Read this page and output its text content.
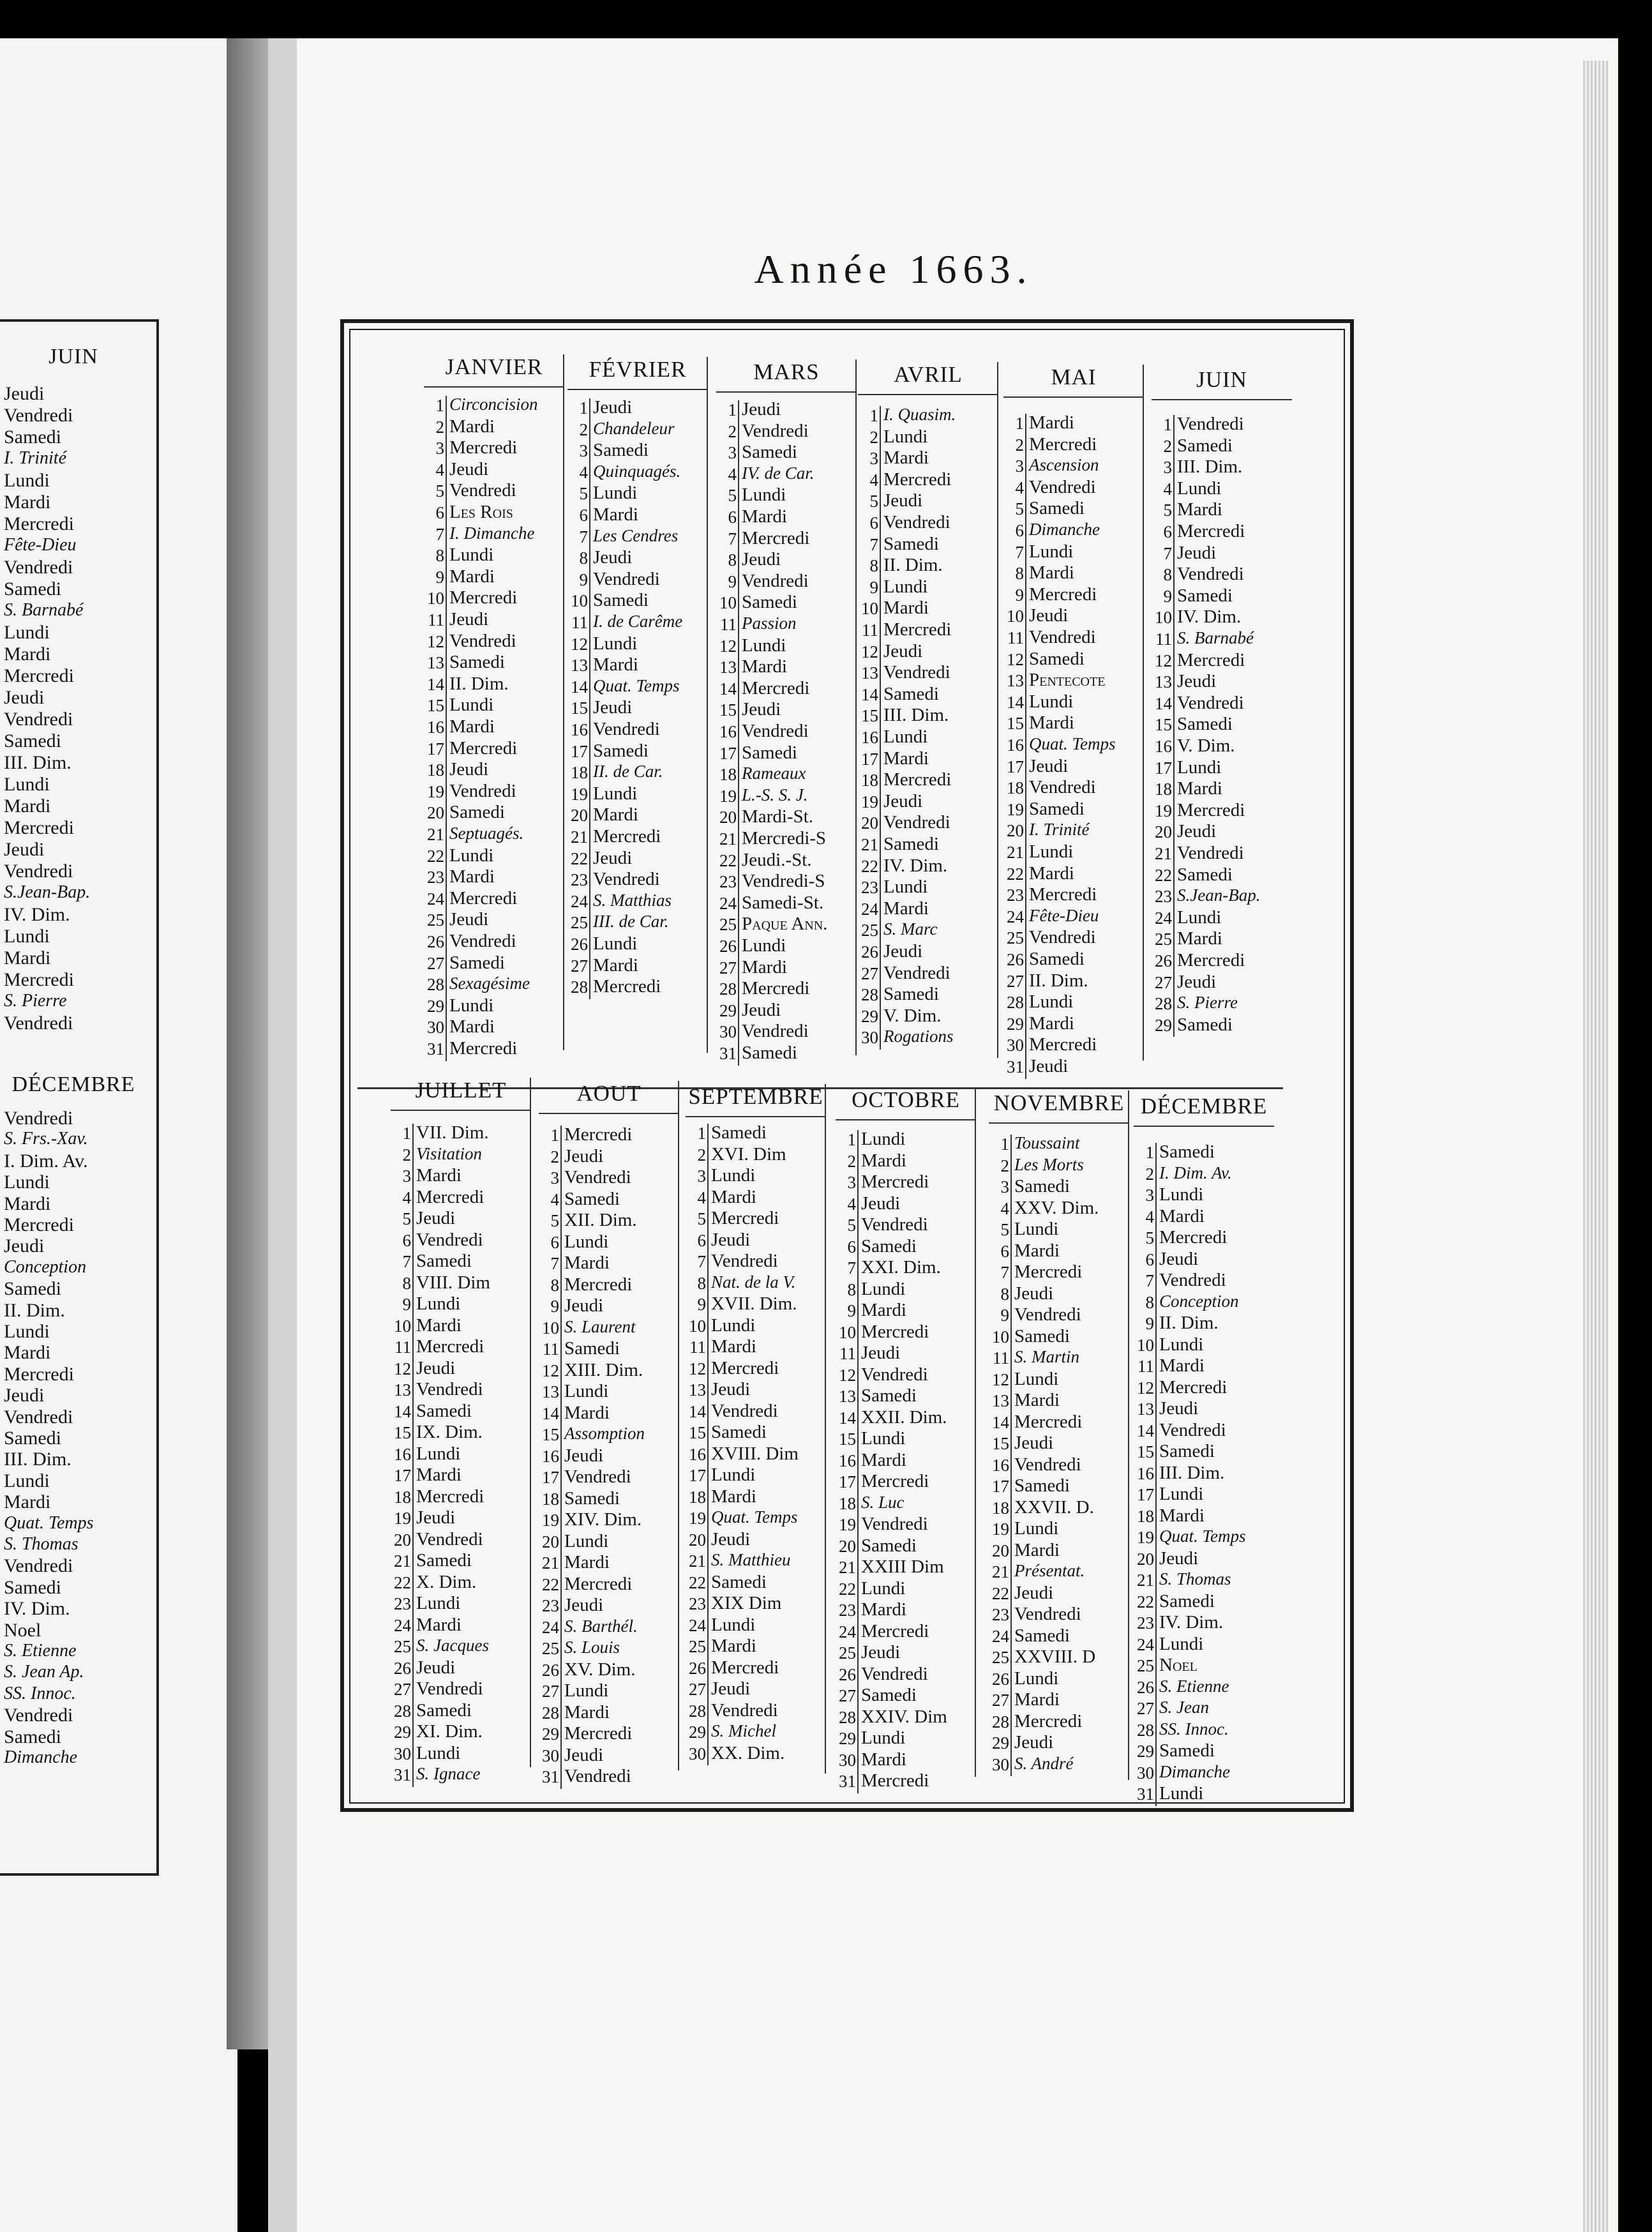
JUIN
DÉCEMBRE
Jeudi
Vendredi
Samedi
I. Trinité
Lundi
Mardi
Mercredi
Fête-Dieu
Vendredi
Samedi
S. Barnabé
Lundi
Mardi
Mercredi
Jeudi
Vendredi
Samedi
III. Dim.
Lundi
Mardi
Mercredi
Jeudi
Vendredi
S.Jean-Bap.
IV. Dim.
Lundi
Mardi
Mercredi
S. Pierre
Vendredi
Vendredi
S. Frs.-Xav.
I. Dim. Av.
Lundi
Mardi
Mercredi
Jeudi
Conception
Samedi
II. Dim.
Lundi
Mardi
Mercredi
Jeudi
Vendredi
Samedi
III. Dim.
Lundi
Mardi
Quat. Temps
S. Thomas
Vendredi
Samedi
IV. Dim.
Noel
S. Etienne
S. Jean Ap.
SS. Innoc.
Vendredi
Samedi
Dimanche
Année 1663.
JANVIER
1 Circoncision
2 Mardi
3 Mercredi
4 Jeudi
5 Vendredi
6 Les Rois
7 I. Dimanche
8 Lundi
9 Mardi
10 Mercredi
11 Jeudi
12 Vendredi
13 Samedi
14 II. Dim.
15 Lundi
16 Mardi
17 Mercredi
18 Jeudi
19 Vendredi
20 Samedi
21 Septuagés.
22 Lundi
23 Mardi
24 Mercredi
25 Jeudi
26 Vendredi
27 Samedi
28 Sexagésime
29 Lundi
30 Mardi
31 Mercredi
FÉVRIER
1 Jeudi
2 Chandeleur
3 Samedi
4 Quinquagés.
5 Lundi
6 Mardi
7 Les Cendres
8 Jeudi
9 Vendredi
10 Samedi
11 I. de Carême
12 Lundi
13 Mardi
14 Quat. Temps
15 Jeudi
16 Vendredi
17 Samedi
18 II. de Car.
19 Lundi
20 Mardi
21 Mercredi
22 Jeudi
23 Vendredi
24 S. Matthias
25 III. de Car.
26 Lundi
27 Mardi
28 Mercredi
MARS
1 Jeudi
2 Vendredi
3 Samedi
4 IV. de Car.
5 Lundi
6 Mardi
7 Mercredi
8 Jeudi
9 Vendredi
10 Samedi
11 Passion
12 Lundi
13 Mardi
14 Mercredi
15 Jeudi
16 Vendredi
17 Samedi
18 Rameaux
19 L.-S. S. J.
20 Mardi-St.
21 Mercredi-S
22 Jeudi.-St.
23 Vendredi-S
24 Samedi-St.
25 Paque Ann.
26 Lundi
27 Mardi
28 Mercredi
29 Jeudi
30 Vendredi
31 Samedi
AVRIL
1 I. Quasim.
2 Lundi
3 Mardi
4 Mercredi
5 Jeudi
6 Vendredi
7 Samedi
8 II. Dim.
9 Lundi
10 Mardi
11 Mercredi
12 Jeudi
13 Vendredi
14 Samedi
15 III. Dim.
16 Lundi
17 Mardi
18 Mercredi
19 Jeudi
20 Vendredi
21 Samedi
22 IV. Dim.
23 Lundi
24 Mardi
25 S. Marc
26 Jeudi
27 Vendredi
28 Samedi
29 V. Dim.
30 Rogations
MAI
1 Mardi
2 Mercredi
3 Ascension
4 Vendredi
5 Samedi
6 Dimanche
7 Lundi
8 Mardi
9 Mercredi
10 Jeudi
11 Vendredi
12 Samedi
13 Pentecote
14 Lundi
15 Mardi
16 Quat. Temps
17 Jeudi
18 Vendredi
19 Samedi
20 I. Trinité
21 Lundi
22 Mardi
23 Mercredi
24 Fête-Dieu
25 Vendredi
26 Samedi
27 II. Dim.
28 Lundi
29 Mardi
30 Mercredi
31 Jeudi
JUIN
1 Vendredi
2 Samedi
3 III. Dim.
4 Lundi
5 Mardi
6 Mercredi
7 Jeudi
8 Vendredi
9 Samedi
10 IV. Dim.
11 S. Barnabé
12 Mercredi
13 Jeudi
14 Vendredi
15 Samedi
16 V. Dim.
17 Lundi
18 Mardi
19 Mercredi
20 Jeudi
21 Vendredi
22 Samedi
23 S.Jean-Bap.
24 Lundi
25 Mardi
26 Mercredi
27 Jeudi
28 S. Pierre
29 Samedi
JUILLET
1 VII. Dim.
2 Visitation
3 Mardi
4 Mercredi
5 Jeudi
6 Vendredi
7 Samedi
8 VIII. Dim
9 Lundi
10 Mardi
11 Mercredi
12 Jeudi
13 Vendredi
14 Samedi
15 IX. Dim.
16 Lundi
17 Mardi
18 Mercredi
19 Jeudi
20 Vendredi
21 Samedi
22 X. Dim.
23 Lundi
24 Mardi
25 S. Jacques
26 Jeudi
27 Vendredi
28 Samedi
29 XI. Dim.
30 Lundi
31 S. Ignace
AOUT
1 Mercredi
2 Jeudi
3 Vendredi
4 Samedi
5 XII. Dim.
6 Lundi
7 Mardi
8 Mercredi
9 Jeudi
10 S. Laurent
11 Samedi
12 XIII. Dim.
13 Lundi
14 Mardi
15 Assomption
16 Jeudi
17 Vendredi
18 Samedi
19 XIV. Dim.
20 Lundi
21 Mardi
22 Mercredi
23 Jeudi
24 S. Barthél.
25 S. Louis
26 XV. Dim.
27 Lundi
28 Mardi
29 Mercredi
30 Jeudi
31 Vendredi
SEPTEMBRE
1 Samedi
2 XVI. Dim
3 Lundi
4 Mardi
5 Mercredi
6 Jeudi
7 Vendredi
8 Nat. de la V.
9 XVII. Dim.
10 Lundi
11 Mardi
12 Mercredi
13 Jeudi
14 Vendredi
15 Samedi
16 XVIII. Dim
17 Lundi
18 Mardi
19 Quat. Temps
20 Jeudi
21 S. Matthieu
22 Samedi
23 XIX Dim
24 Lundi
25 Mardi
26 Mercredi
27 Jeudi
28 Vendredi
29 S. Michel
30 XX. Dim.
OCTOBRE
1 Lundi
2 Mardi
3 Mercredi
4 Jeudi
5 Vendredi
6 Samedi
7 XXI. Dim.
8 Lundi
9 Mardi
10 Mercredi
11 Jeudi
12 Vendredi
13 Samedi
14 XXII. Dim.
15 Lundi
16 Mardi
17 Mercredi
18 S. Luc
19 Vendredi
20 Samedi
21 XXIII Dim
22 Lundi
23 Mardi
24 Mercredi
25 Jeudi
26 Vendredi
27 Samedi
28 XXIV. Dim
29 Lundi
30 Mardi
31 Mercredi
NOVEMBRE
1 Toussaint
2 Les Morts
3 Samedi
4 XXV. Dim.
5 Lundi
6 Mardi
7 Mercredi
8 Jeudi
9 Vendredi
10 Samedi
11 S. Martin
12 Lundi
13 Mardi
14 Mercredi
15 Jeudi
16 Vendredi
17 Samedi
18 XXVII. D.
19 Lundi
20 Mardi
21 Présentat.
22 Jeudi
23 Vendredi
24 Samedi
25 XXVIII. D
26 Lundi
27 Mardi
28 Mercredi
29 Jeudi
30 S. André
DÉCEMBRE
1 Samedi
2 I. Dim. Av.
3 Lundi
4 Mardi
5 Mercredi
6 Jeudi
7 Vendredi
8 Conception
9 II. Dim.
10 Lundi
11 Mardi
12 Mercredi
13 Jeudi
14 Vendredi
15 Samedi
16 III. Dim.
17 Lundi
18 Mardi
19 Quat. Temps
20 Jeudi
21 S. Thomas
22 Samedi
23 IV. Dim.
24 Lundi
25 Noel
26 S. Etienne
27 S. Jean
28 SS. Innoc.
29 Samedi
30 Dimanche
31 Lundi
